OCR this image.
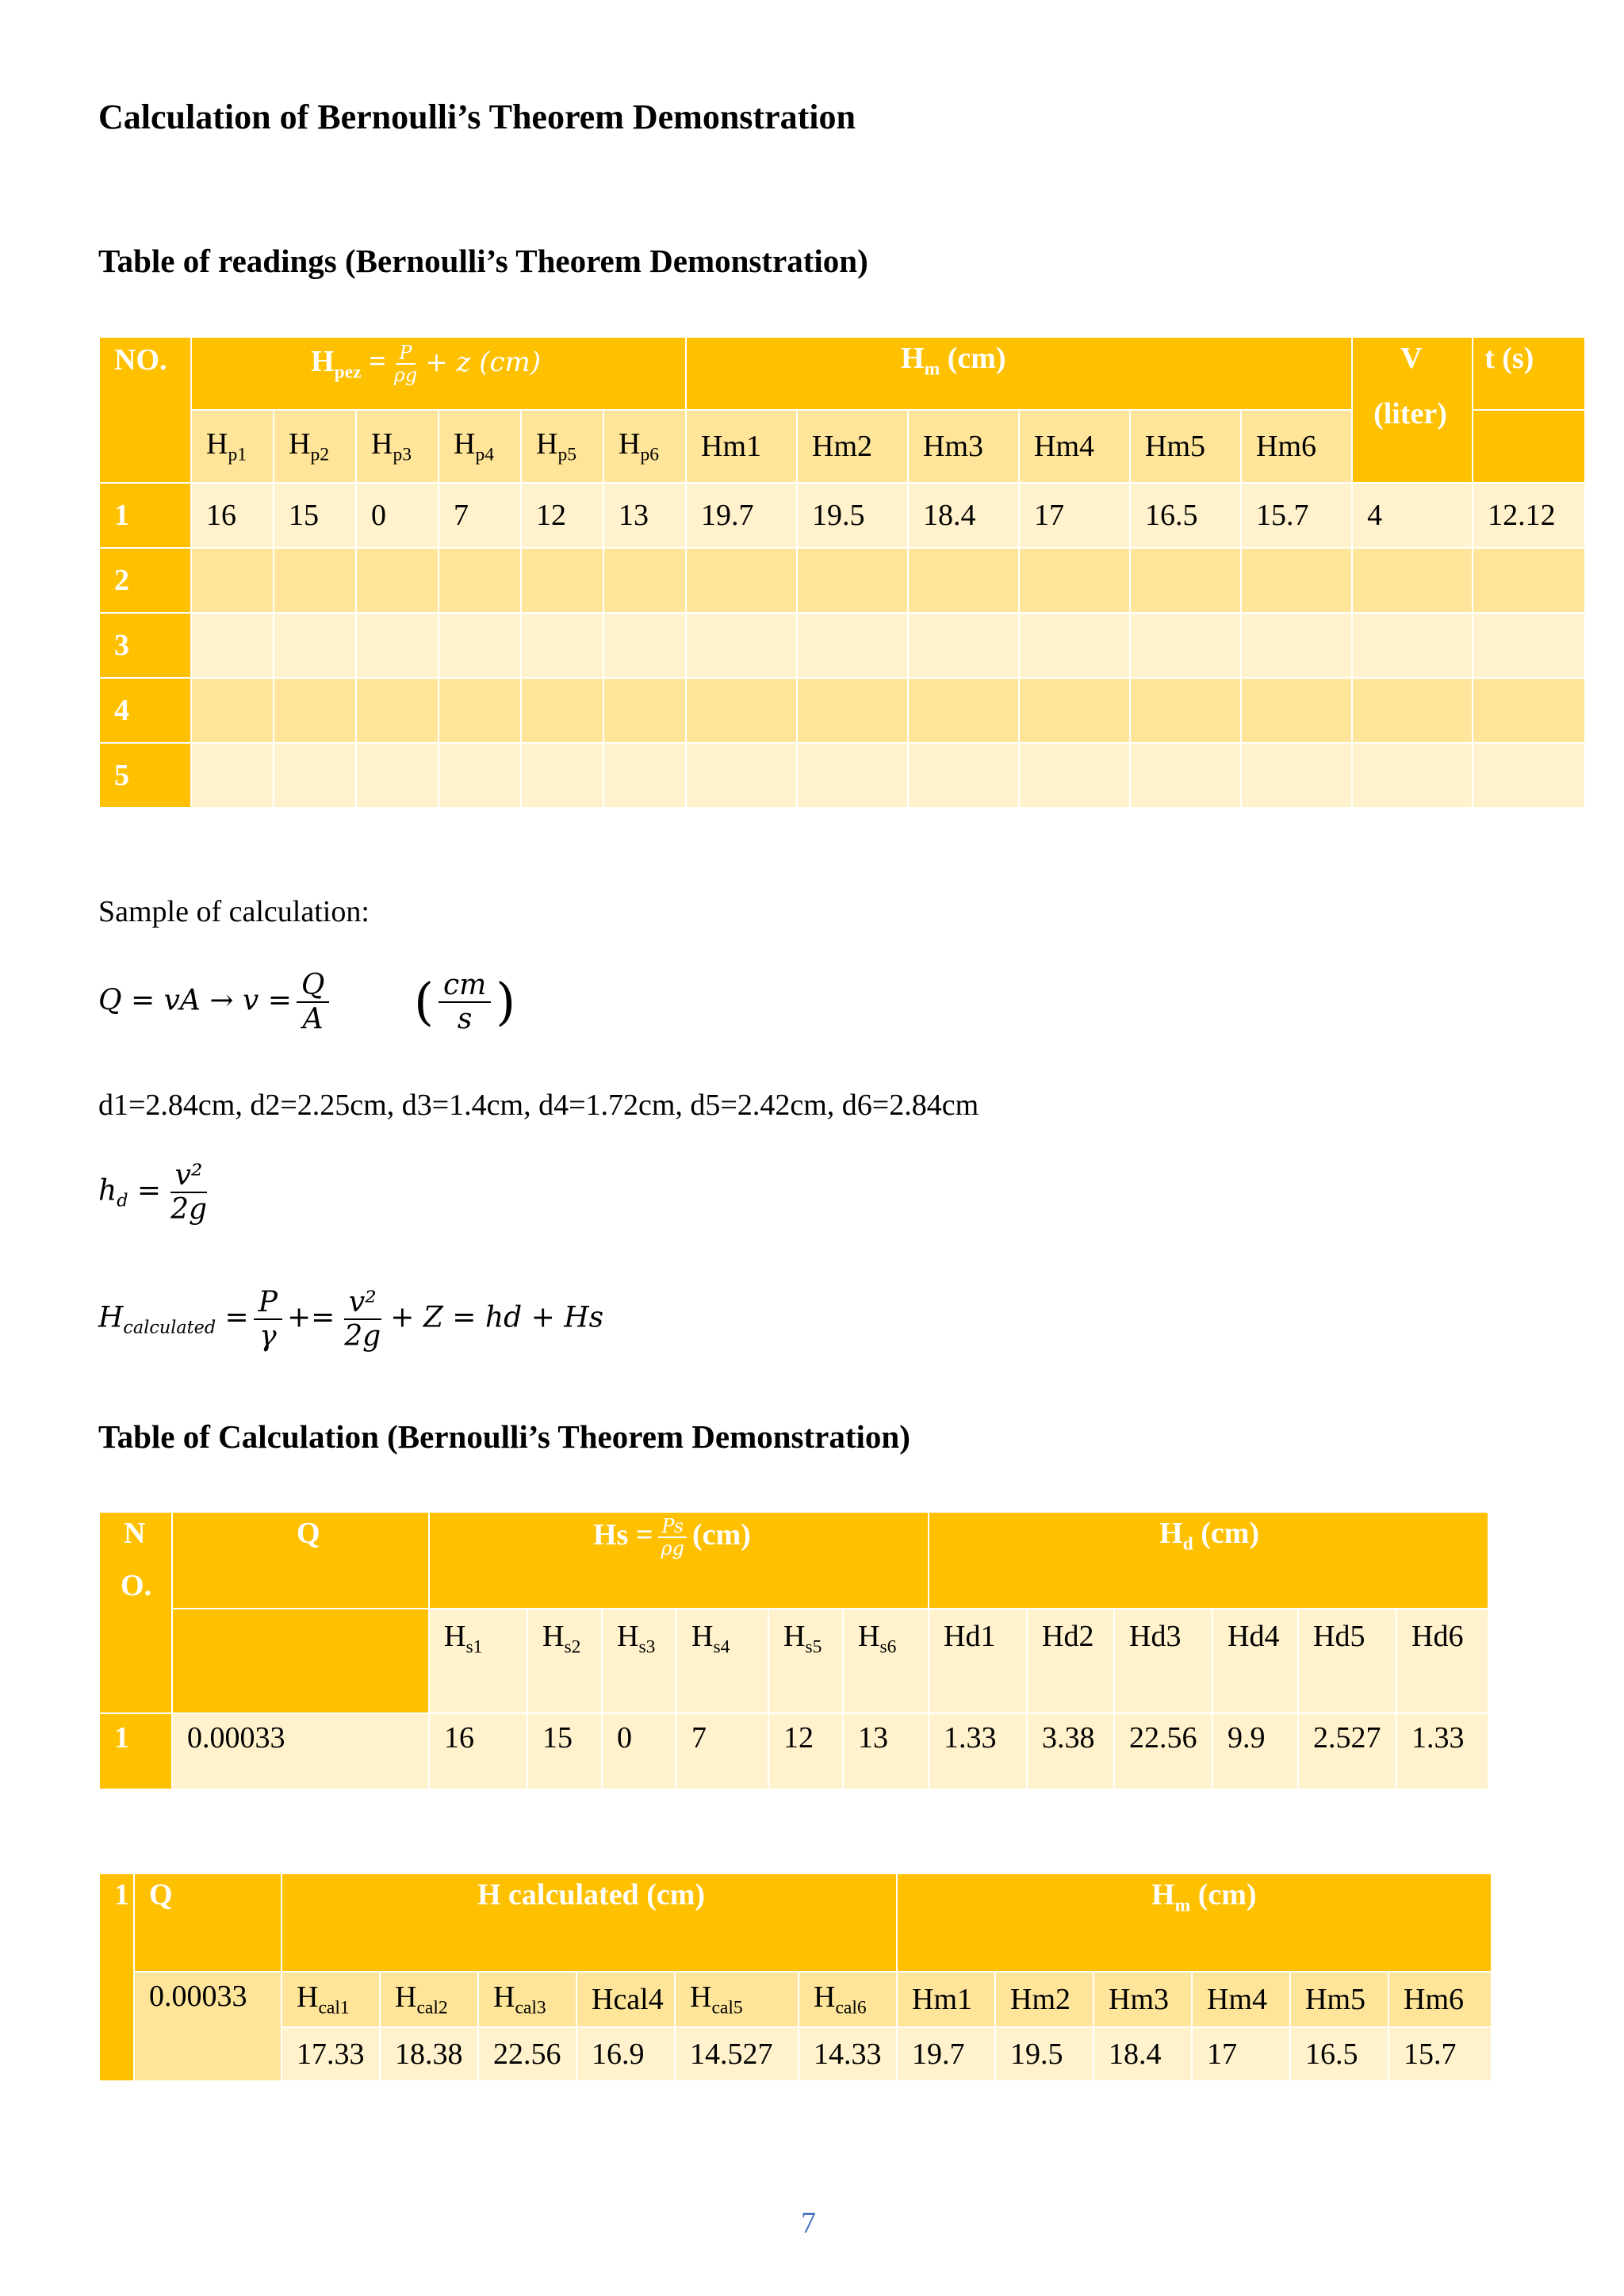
Calculation of Bernoulli’s Theorem Demonstration
Table of readings (Bernoulli’s Theorem Demonstration)
NO.	$H_{pez} = \frac{P}{\rho g} + z$ (cm)						$H_m$ (cm)						V
(liter)	t (s)

	$H_{p1}$	$H_{p2}$	$H_{p3}$	$H_{p4}$	$H_{p5}$	$H_{p6}$	Hm1	Hm2	Hm3	Hm4	Hm5	Hm6		
1	16	15	0	7	12	13	19.7	19.5	18.4	17	16.5	15.7	4	12.12
2														
3														
4														
5														
Sample of calculation:
Q = vA → $v = \frac{Q}{A}$ ( $\frac{cm}{s}$ )
d1=2.84cm, d2=2.25cm, d3=1.4cm, d4=1.72cm, d5=2.42cm, d6=2.84cm
$h_d = \frac{\text{v²}}{2g}$
$H_{calculated} = \frac{P}{\gamma} += \frac{\text{v²}}{2g} + Z$ = hd + Hs
Table of Calculation (Bernoulli’s Theorem Demonstration)
N
O.	Q	$Hs = \frac{Ps}{\rho g} (cm)$						$H_d$ (cm)					

		$H_{s1}$	$H_{s2}$	$H_{s3}$	$H_{s4}$	$H_{s5}$	$H_{s6}$	Hd1	Hd2	Hd3	Hd4	Hd5	Hd6
1	0.00033	16	15	0	7	12	13	1.33	3.38	22.56	9.9	2.527	1.33
1	Q	H calculated (cm)						$H_m$ (cm)					

	0.00033	$H_{cal1}$	$H_{cal2}$	$H_{cal3}$	Hcal4	$H_{cal5}$	$H_{cal6}$	Hm1	Hm2	Hm3	Hm4	Hm5	Hm6
		17.33	18.38	22.56	16.9	14.527	14.33	19.7	19.5	18.4	17	16.5	15.7
7
